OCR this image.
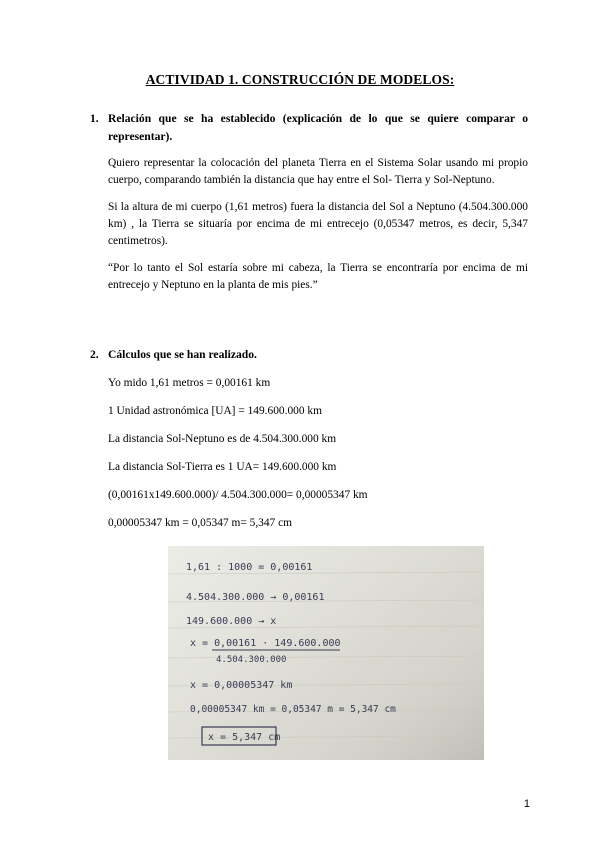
ACTIVIDAD 1. CONSTRUCCIÓN DE MODELOS:
1. Relación que se ha establecido (explicación de lo que se quiere comparar o representar).

Quiero representar la colocación del planeta Tierra en el Sistema Solar usando mi propio cuerpo, comparando también la distancia que hay entre el Sol- Tierra y Sol-Neptuno.

Si la altura de mi cuerpo (1,61 metros) fuera la distancia del Sol a Neptuno (4.504.300.000 km) , la Tierra se situaría por encima de mi entrecejo (0,05347 metros, es decir, 5,347 centimetros).

“Por lo tanto el Sol estaría sobre mi cabeza, la Tierra se encontraría por encima de mi entrecejo y Neptuno en la planta de mis pies.”

2. Cálculos que se han realizado.
Yo mido 1,61 metros = 0,00161 km
1 Unidad astronómica [UA] = 149.600.000 km
La distancia Sol-Neptuno es de 4.504.300.000 km
La distancia Sol-Tierra es 1 UA= 149.600.000 km
(0,00161x149.600.000)/ 4.504.300.000= 0,00005347 km
0,00005347 km = 0,05347 m= 5,347 cm
1,61 : 1000 = 0,00161
4.504.300.000 → 0,00161
149.600.000 → x
x = 0,00161 · 149.600.000
4.504.300.000
x = 0,00005347 km
0,00005347 km = 0,05347 m = 5,347 cm
x = 5,347 cm
1
